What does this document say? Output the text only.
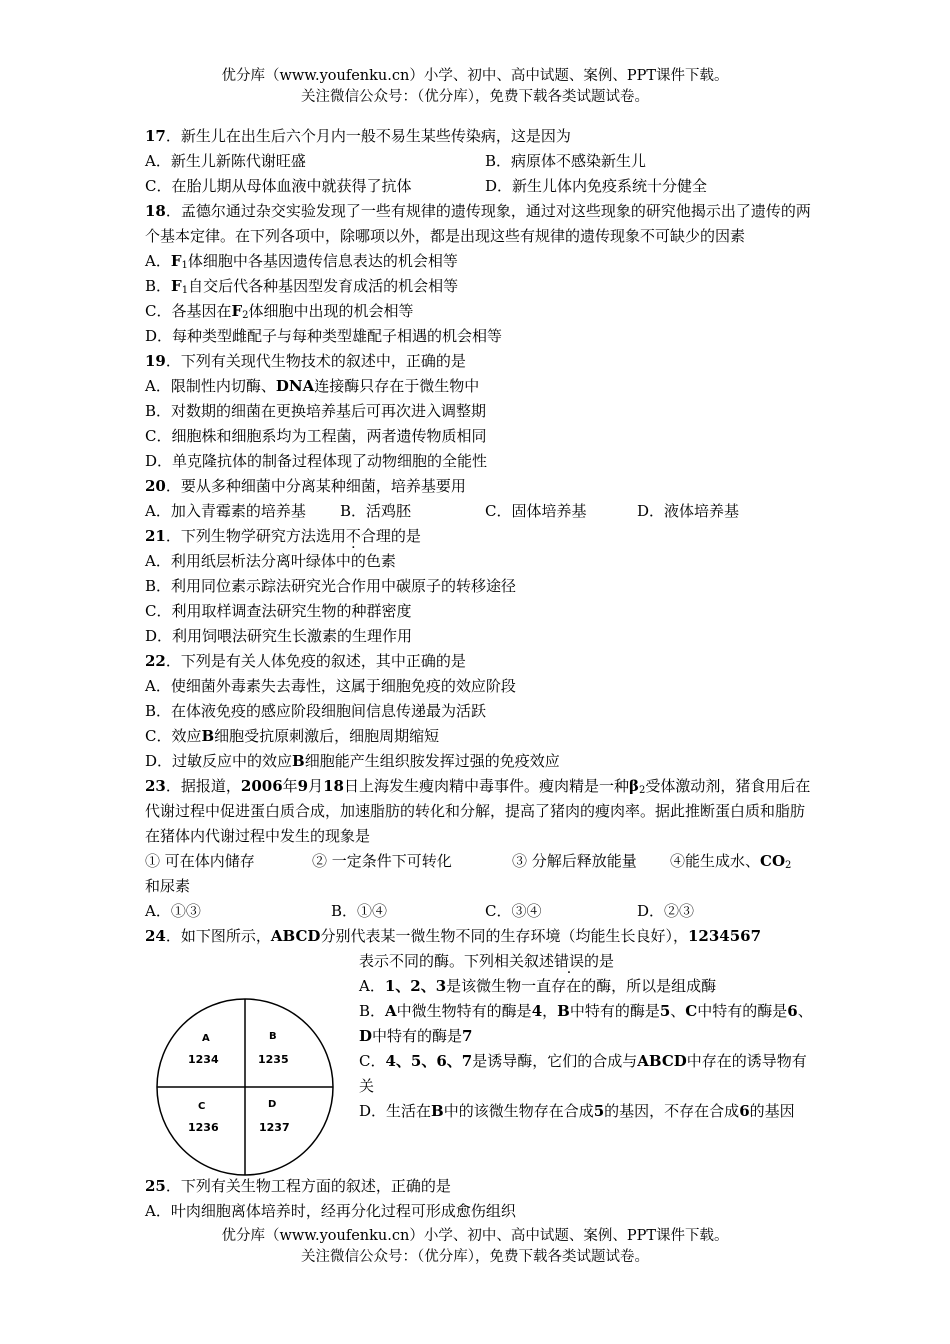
优分库（www.youfenku.cn）小学、初中、高中试题、案例、PPT课件下载。
关注微信公众号：（优分库），免费下载各类试题试卷。
17．新生儿在出生后六个月内一般不易生某些传染病，这是因为
A．新生儿新陈代谢旺盛	B．病原体不感染新生儿
C．在胎儿期从母体血液中就获得了抗体	D．新生儿体内免疫系统十分健全
18．孟德尔通过杂交实验发现了一些有规律的遗传现象，通过对这些现象的研究他揭示出了遗传的两个基本定律。在下列各项中，除哪项以外，都是出现这些有规律的遗传现象不可缺少的因素
A．$F_1$体细胞中各基因遗传信息表达的机会相等
B．$F_1$自交后代各种基因型发育成活的机会相等
C．各基因在$F_2$体细胞中出现的机会相等
D．每种类型雌配子与每种类型雄配子相遇的机会相等
19．下列有关现代生物技术的叙述中，正确的是
A．限制性内切酶、DNA连接酶只存在于微生物中
B．对数期的细菌在更换培养基后可再次进入调整期
C．细胞株和细胞系均为工程菌，两者遗传物质相同
D．单克隆抗体的制备过程体现了动物细胞的全能性
20．要从多种细菌中分离某种细菌，培养基要用
A．加入青霉素的培养基 B．活鸡胚	C．固体培养基	D．液体培养基
21．下列生物学研究方法选用不合理的是
A．利用纸层析法分离叶绿体中的色素
B．利用同位素示踪法研究光合作用中碳原子的转移途径
C．利用取样调查法研究生物的种群密度
D．利用饲喂法研究生长激素的生理作用
22．下列是有关人体免疫的叙述，其中正确的是
A．使细菌外毒素失去毒性，这属于细胞免疫的效应阶段
B．在体液免疫的感应阶段细胞间信息传递最为活跃
C．效应B细胞受抗原刺激后，细胞周期缩短
D．过敏反应中的效应B细胞能产生组织胺发挥过强的免疫效应
23．据报道，2006年9月18日上海发生瘦肉精中毒事件。瘦肉精是一种$\beta_2$受体激动剂，猪食用后在代谢过程中促进蛋白质合成，加速脂肪的转化和分解，提高了猪肉的瘦肉率。据此推断蛋白质和脂肪在猪体内代谢过程中发生的现象是
① 可在体内储存	② 一定条件下可转化	③ 分解后释放能量 ④能生成水、$CO_2$
和尿素
A．①③	B．①④	C．③④	D．②③
24．如下图所示，ABCD分别代表某一微生物不同的生存环境（均能生长良好），1234567
表示不同的酶。下列相关叙述错误的是
A．1、2、3是该微生物一直存在的酶，所以是组成酶
B．A中微生物特有的酶是4，B中特有的酶是5、C中特有的酶是6、D中特有的酶是7
C．4、5、6、7是诱导酶，它们的合成与ABCD中存在的诱导物有关
D．生活在B中的该微生物存在合成5的基因，不存在合成6的基因
A
1234
B
1235
C
1236
D
1237
25．下列有关生物工程方面的叙述，正确的是
A．叶肉细胞离体培养时，经再分化过程可形成愈伤组织
优分库（www.youfenku.cn）小学、初中、高中试题、案例、PPT课件下载。
关注微信公众号：（优分库），免费下载各类试题试卷。
